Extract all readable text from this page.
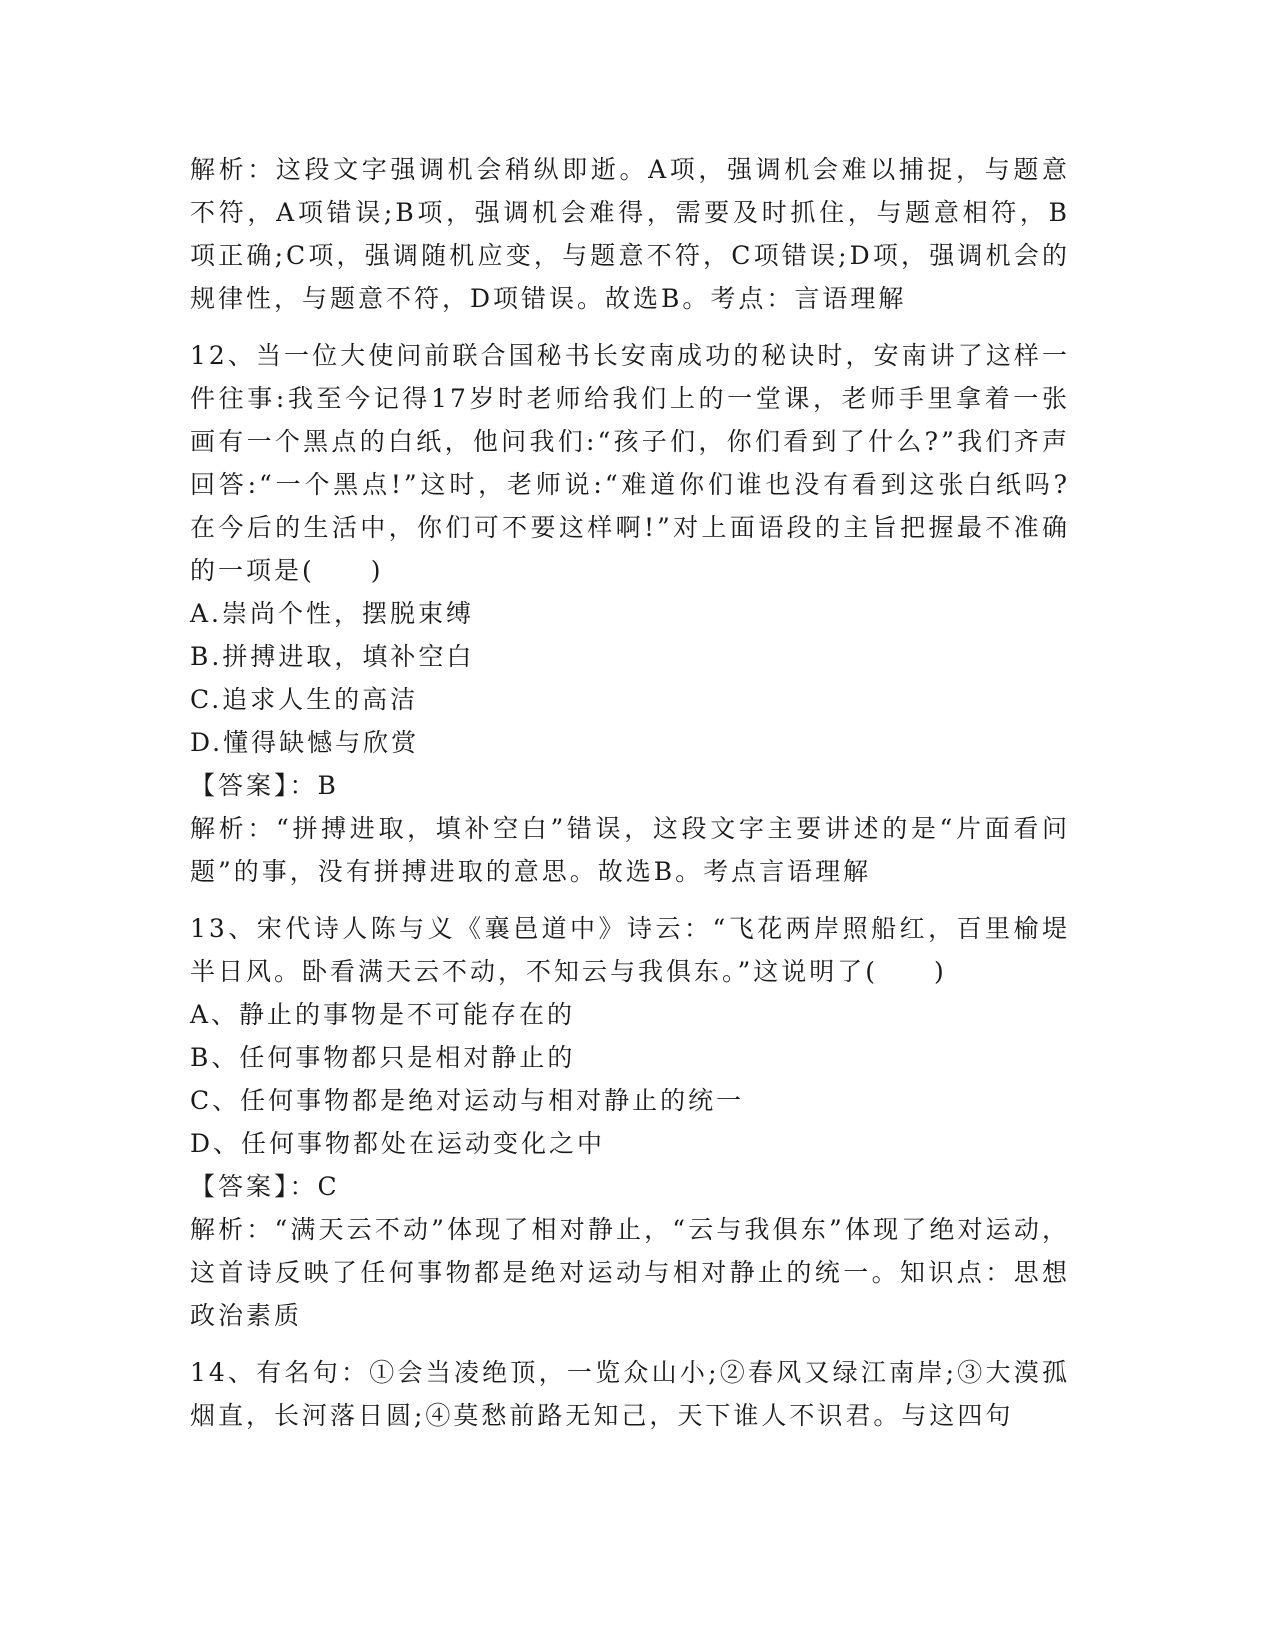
解析：这段文字强调机会稍纵即逝。A项，强调机会难以捕捉，与题意不符，A项错误;B项，强调机会难得，需要及时抓住，与题意相符，B项正确;C项，强调随机应变，与题意不符，C项错误;D项，强调机会的规律性，与题意不符，D项错误。故选B。考点：言语理解

12、当一位大使问前联合国秘书长安南成功的秘诀时，安南讲了这样一件往事:我至今记得17岁时老师给我们上的一堂课，老师手里拿着一张画有一个黑点的白纸，他问我们:“孩子们，你们看到了什么?”我们齐声回答:“一个黑点!”这时，老师说:“难道你们谁也没有看到这张白纸吗?在今后的生活中，你们可不要这样啊!”对上面语段的主旨把握最不准确的一项是(　　)

A.崇尚个性，摆脱束缚

B.拼搏进取，填补空白

C.追求人生的高洁

D.懂得缺憾与欣赏

【答案】：B

解析：“拼搏进取，填补空白”错误，这段文字主要讲述的是“片面看问题”的事，没有拼搏进取的意思。故选B。考点言语理解

13、宋代诗人陈与义《襄邑道中》诗云：“飞花两岸照船红，百里榆堤半日风。卧看满天云不动，不知云与我俱东。”这说明了(　　)

A、静止的事物是不可能存在的

B、任何事物都只是相对静止的

C、任何事物都是绝对运动与相对静止的统一

D、任何事物都处在运动变化之中

【答案】：C

解析：“满天云不动”体现了相对静止，“云与我俱东”体现了绝对运动，这首诗反映了任何事物都是绝对运动与相对静止的统一。知识点：思想政治素质

14、有名句：①会当凌绝顶，一览众山小;②春风又绿江南岸;③大漠孤烟直，长河落日圆;④莫愁前路无知己，天下谁人不识君。与这四句
